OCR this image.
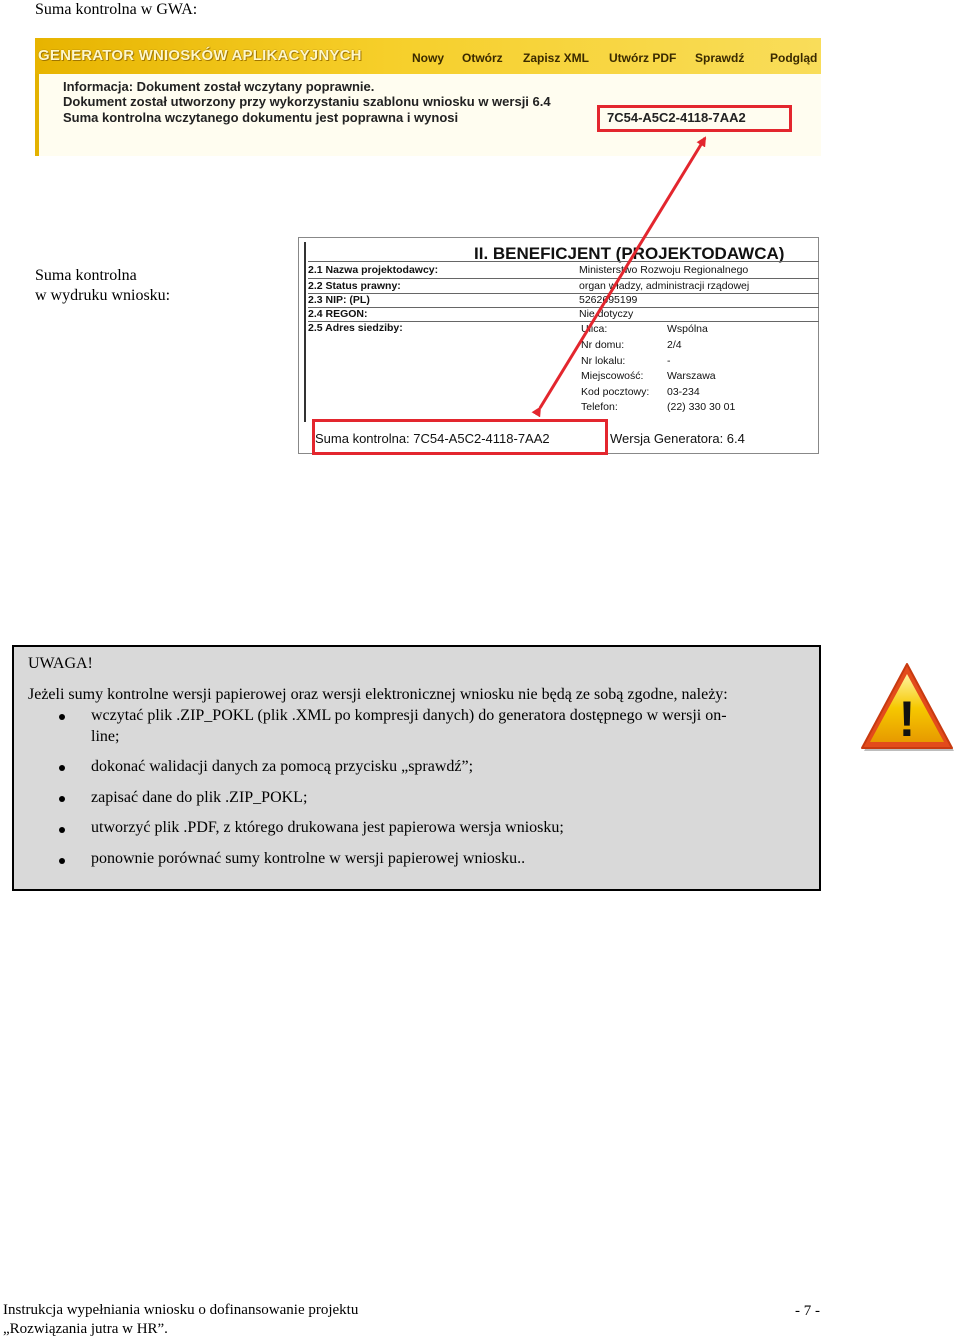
Suma kontrolna w GWA:
Suma kontrolna
w wydruku wniosku:
GENERATOR WNIOSKÓW APLIKACYJNYCH	Nowy Otwórz Zapisz XML Utwórz PDF Sprawdź Podgląd
Informacja: Dokument został wczytany poprawnie.
Dokument został utworzony przy wykorzystaniu szablonu wniosku w wersji 6.4
Suma kontrolna wczytanego dokumentu jest poprawna i wynosi	7C54-A5C2-4118-7AA2
II. BENEFICJENT (PROJEKTODAWCA)
2.1 Nazwa projektodawcy:	Ministerstwo Rozwoju Regionalnego
2.2 Status prawny:	organ władzy, administracji rządowej
2.3 NIP: (PL)	5262695199
2.4 REGON:	Nie dotyczy
2.5 Adres siedziby:	Ulica:	Wspólna
Nr domu:	2/4
Nr lokalu:	-
Miejscowość: Warszawa
Kod pocztowy: 03-234
Telefon:	(22) 330 30 01
Suma kontrolna: 7C54-A5C2-4118-7AA2	Wersja Generatora: 6.4
UWAGA!
Jeżeli sumy kontrolne wersji papierowej oraz wersji elektronicznej wniosku nie będą ze sobą zgodne, należy:
wczytać plik .ZIP_POKL (plik .XML po kompresji danych) do generatora dostępnego w wersji on-
line;
dokonać walidacji danych za pomocą przycisku „sprawdź”;
zapisać dane do plik .ZIP_POKL;
utworzyć plik .PDF, z którego drukowana jest papierowa wersja wniosku;
ponownie porównać sumy kontrolne w wersji papierowej wniosku..
!
Instrukcja wypełniania wniosku o dofinansowanie projektu
„Rozwiązania jutra w HR”.
- 7 -
